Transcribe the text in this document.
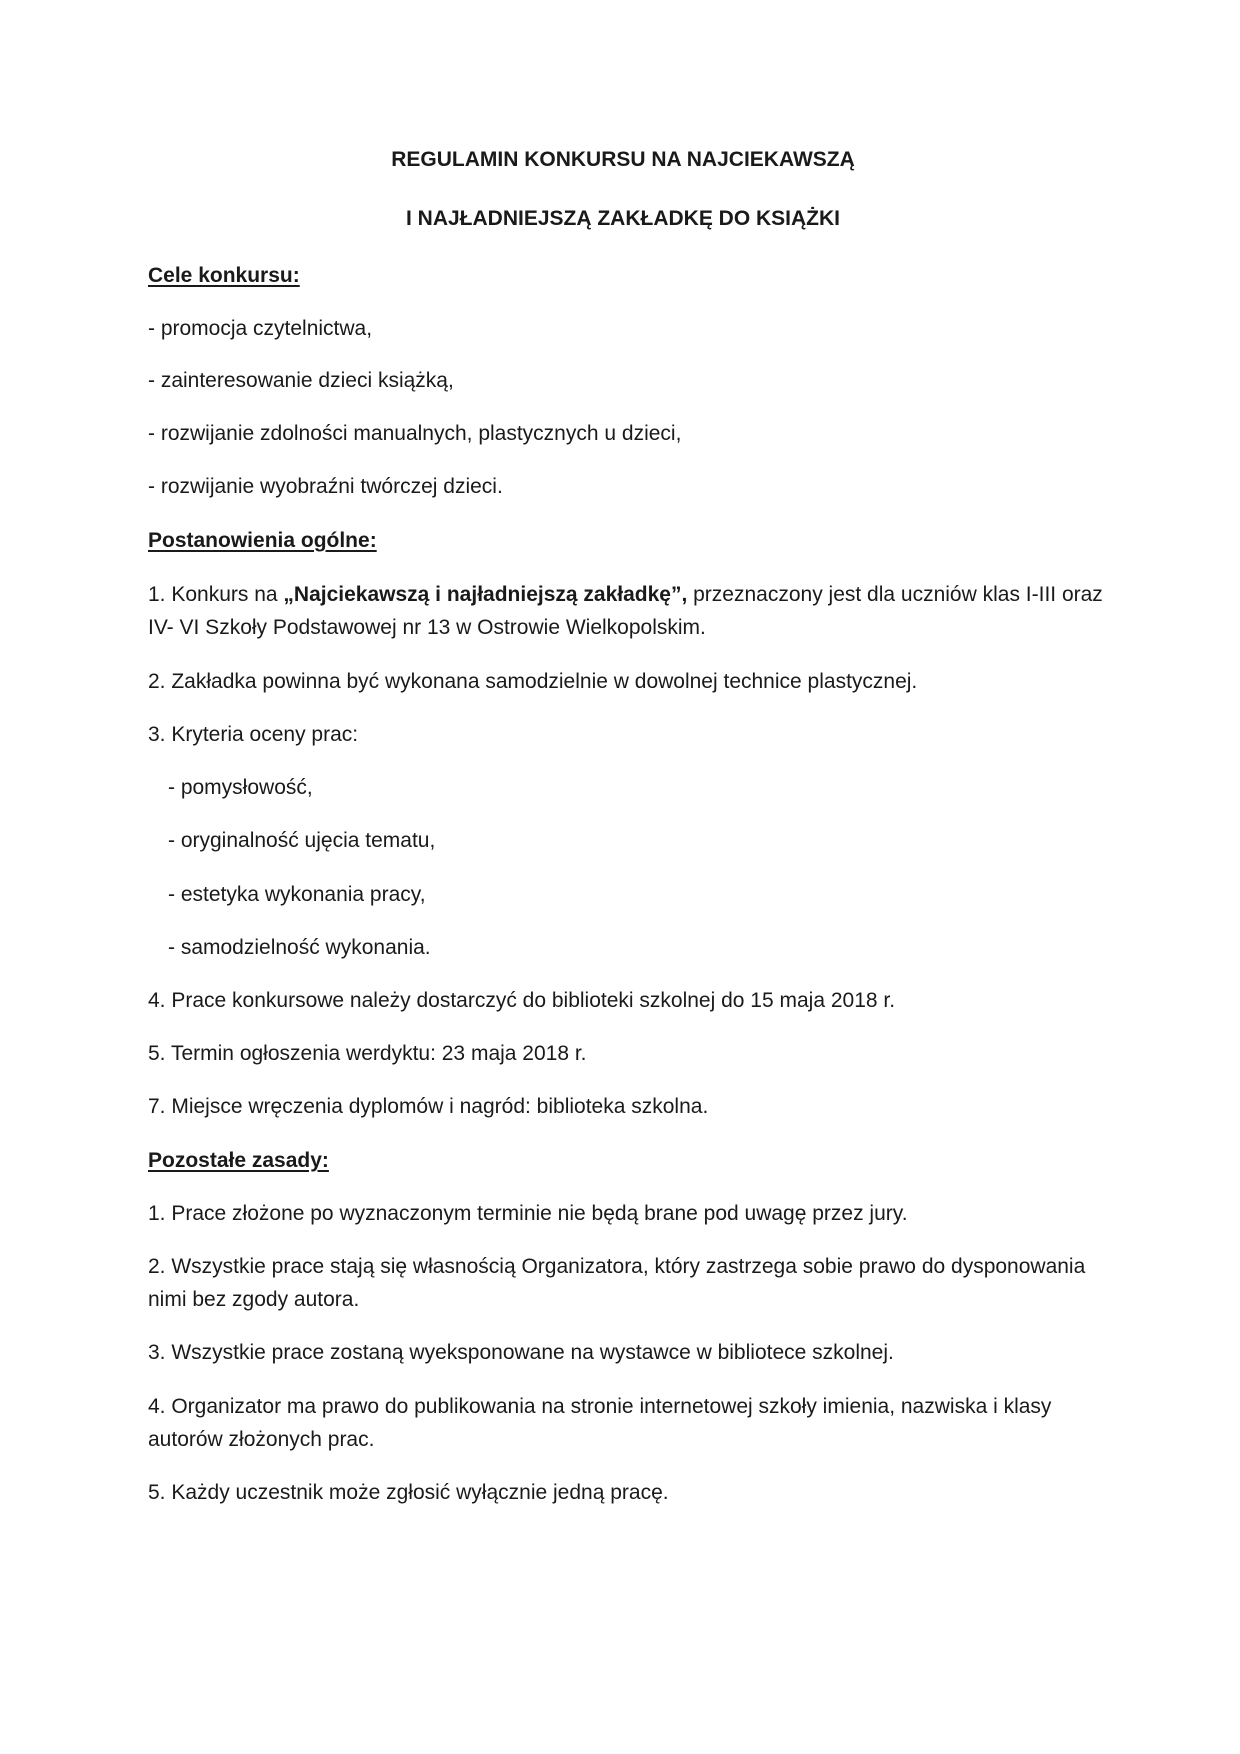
REGULAMIN KONKURSU NA NAJCIEKAWSZĄ
I NAJŁADNIEJSZĄ ZAKŁADKĘ DO KSIĄŻKI
Cele konkursu:
- promocja czytelnictwa,
- zainteresowanie dzieci książką,
- rozwijanie zdolności manualnych, plastycznych u dzieci,
- rozwijanie wyobraźni twórczej dzieci.
Postanowienia ogólne:
1. Konkurs na „Najciekawszą i najładniejszą zakładkę”, przeznaczony jest dla uczniów klas I-III oraz
IV- VI Szkoły Podstawowej nr 13 w Ostrowie Wielkopolskim.
2. Zakładka powinna być wykonana samodzielnie w dowolnej technice plastycznej.
3. Kryteria oceny prac:
- pomysłowość,
- oryginalność ujęcia tematu,
- estetyka wykonania pracy,
- samodzielność wykonania.
4. Prace konkursowe należy dostarczyć do biblioteki szkolnej do 15 maja 2018 r.
5. Termin ogłoszenia werdyktu: 23 maja 2018 r.
7. Miejsce wręczenia dyplomów i nagród: biblioteka szkolna.
Pozostałe zasady:
1. Prace złożone po wyznaczonym terminie nie będą brane pod uwagę przez jury.
2. Wszystkie prace stają się własnością Organizatora, który zastrzega sobie prawo do dysponowania
nimi bez zgody autora.
3. Wszystkie prace zostaną wyeksponowane na wystawce w bibliotece szkolnej.
4. Organizator ma prawo do publikowania na stronie internetowej szkoły imienia, nazwiska i klasy
autorów złożonych prac.
5. Każdy uczestnik może zgłosić wyłącznie jedną pracę.
